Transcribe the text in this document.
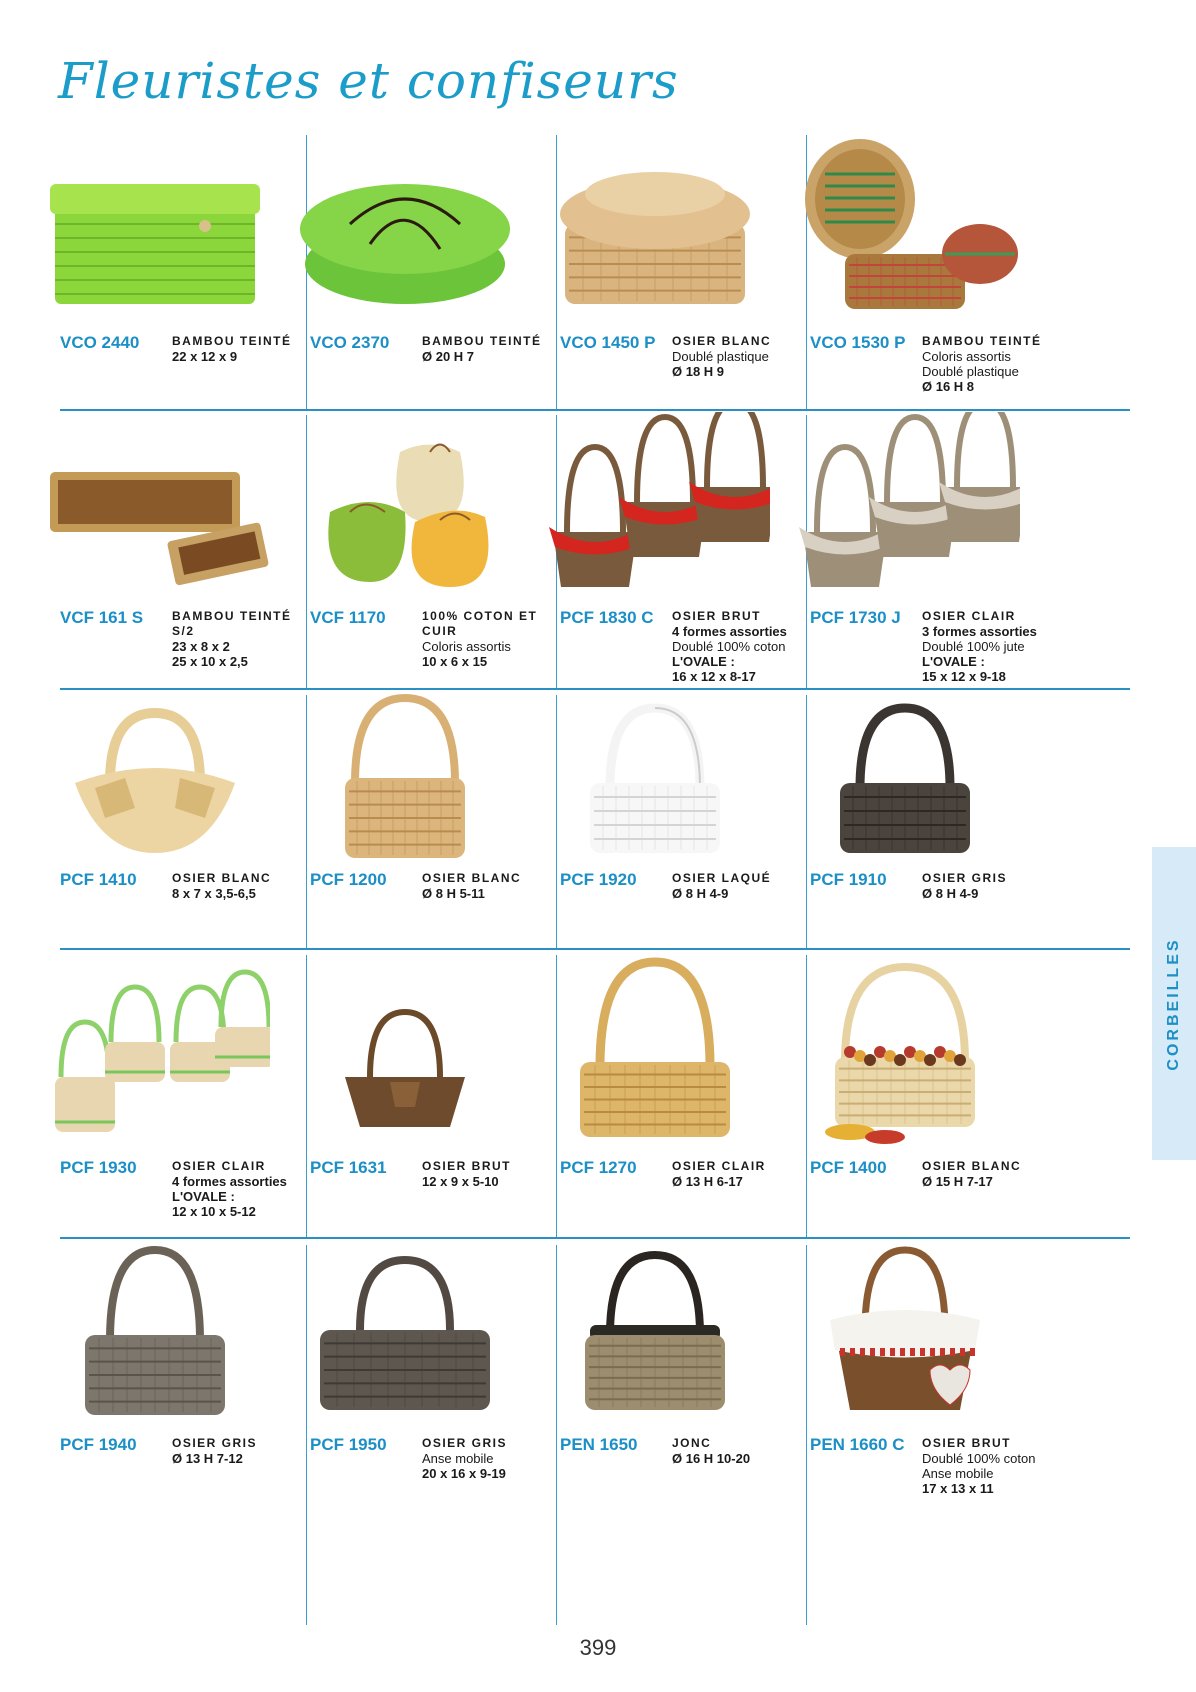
Fleuristes et confiseurs
VCO 2440	BAMBOU TEINTÉ
22 x 12 x 9
VCO 2370	BAMBOU TEINTÉ
Ø 20 H 7
VCO 1450 P OSIER BLANC
Doublé plastique
Ø 18 H 9
VCO 1530 P BAMBOU TEINTÉ
Coloris assortis
Doublé plastique
Ø 16 H 8
VCF 161 S BAMBOU TEINTÉ S/2
23 x 8 x 2
25 x 10 x 2,5
VCF 1170	100% COTON ET CUIR
Coloris assortis
10 x 6 x 15
PCF 1830 C OSIER BRUT
4 formes assorties
Doublé 100% coton
L'OVALE :
16 x 12 x 8-17
PCF 1730 J OSIER CLAIR
3 formes assorties
Doublé 100% jute
L'OVALE :
15 x 12 x 9-18
PCF 1410	OSIER BLANC
8 x 7 x 3,5-6,5
PCF 1200	OSIER BLANC
Ø 8 H 5-11
PCF 1920	OSIER LAQUÉ
Ø 8 H 4-9
PCF 1910	OSIER GRIS
Ø 8 H 4-9
PCF 1930	OSIER CLAIR
4 formes assorties
L'OVALE :
12 x 10 x 5-12
PCF 1631	OSIER BRUT
12 x 9 x 5-10
PCF 1270	OSIER CLAIR
Ø 13 H 6-17
PCF 1400	OSIER BLANC
Ø 15 H 7-17
PCF 1940	OSIER GRIS
Ø 13 H 7-12
PCF 1950	OSIER GRIS
Anse mobile
20 x 16 x 9-19
PEN 1650	JONC
Ø 16 H 10-20
PEN 1660 C OSIER BRUT
Doublé 100% coton
Anse mobile
17 x 13 x 11
CORBEILLES
399
